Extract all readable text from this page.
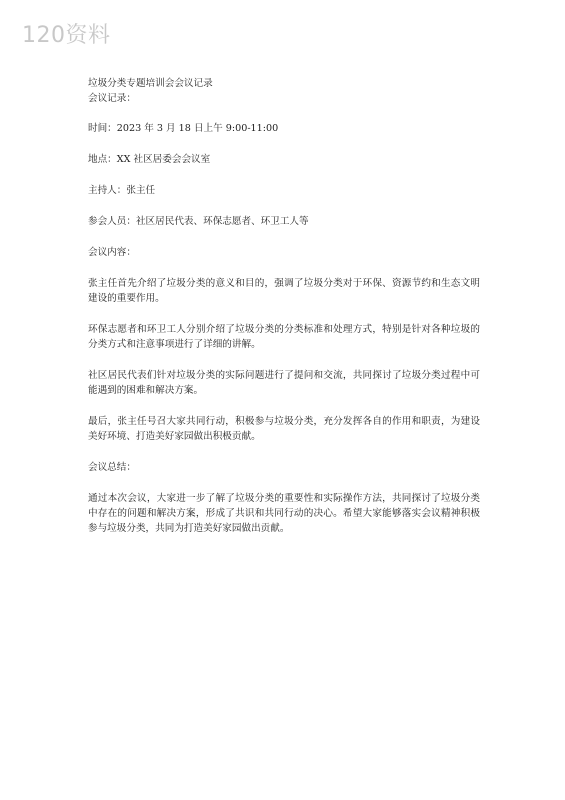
120资料
垃圾分类专题培训会会议记录
会议记录：
时间：2023 年 3 月 18 日上午 9:00-11:00
地点：XX 社区居委会会议室
主持人：张主任
参会人员：社区居民代表、环保志愿者、环卫工人等
会议内容：
张主任首先介绍了垃圾分类的意义和目的，强调了垃圾分类对于环保、资源节约和生态文明建设的重要作用。
环保志愿者和环卫工人分别介绍了垃圾分类的分类标准和处理方式，特别是针对各种垃圾的分类方式和注意事项进行了详细的讲解。
社区居民代表们针对垃圾分类的实际问题进行了提问和交流，共同探讨了垃圾分类过程中可能遇到的困难和解决方案。
最后，张主任号召大家共同行动，积极参与垃圾分类，充分发挥各自的作用和职责，为建设美好环境、打造美好家园做出积极贡献。
会议总结：
通过本次会议，大家进一步了解了垃圾分类的重要性和实际操作方法，共同探讨了垃圾分类中存在的问题和解决方案，形成了共识和共同行动的决心。希望大家能够落实会议精神积极参与垃圾分类，共同为打造美好家园做出贡献。
